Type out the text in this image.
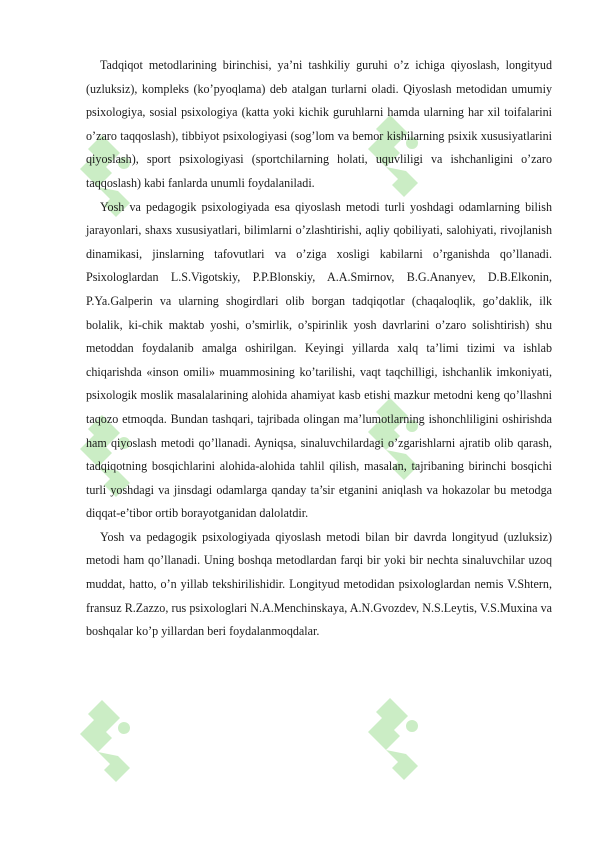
Tadqiqot metodlarining birinchisi, ya’ni tashkiliy guruhi o’z ichiga qiyoslash, longityud (uzluksiz), kompleks (ko’pyoqlama) deb atalgan turlarni oladi. Qiyoslash metodidan umumiy psixologiya, sosial psixologiya (katta yoki kichik guruhlarni hamda ularning har xil toifalarini o’zaro taqqoslash), tibbiyot psixologiyasi (sog’lom va bemor kishilarning psixik xususiyatlarini qiyoslash), sport psixologiyasi (sportchilarning holati, uquvliligi va ishchanligini o’zaro taqqoslash) kabi fanlarda unumli foydalaniladi.

Yosh va pedagogik psixologiyada esa qiyoslash metodi turli yoshdagi odamlarning bilish jarayonlari, shaxs xususiyatlari, bilimlarni o’zlashtirishi, aqliy qobiliyati, salohiyati, rivojlanish dinamikasi, jinslarning tafovutlari va o’ziga xosligi kabilarni o’rganishda qo’llanadi. Psixologlardan L.S.Vigotskiy, P.P.Blonskiy, A.A.Smirnov, B.G.Ananyev, D.B.Elkonin, P.Ya.Galperin va ularning shogirdlari olib borgan tadqiqotlar (chaqaloqlik, go’daklik, ilk bolalik, ki-chik maktab yoshi, o’smirlik, o’spirinlik yosh davrlarini o’zaro solishtirish) shu metoddan foydalanib amalga oshirilgan. Keyingi yillarda xalq ta’limi tizimi va ishlab chiqarishda «inson omili» muammosining ko’tarilishi, vaqt taqchilligi, ishchanlik imkoniyati, psixologik moslik masalalarining alohida ahamiyat kasb etishi mazkur metodni keng qo’llashni taqozo etmoqda. Bundan tashqari, tajribada olingan ma’lumotlarning ishonchliligini oshirishda ham qiyoslash metodi qo’llanadi. Ayniqsa, sinaluvchilardagi o’zgarishlarni ajratib olib qarash, tadqiqotning bosqichlarini alohida-alohida tahlil qilish, masalan, tajribaning birinchi bosqichi turli yoshdagi va jinsdagi odamlarga qanday ta’sir etganini aniqlash va hokazolar bu metodga diqqat-e’tibor ortib borayotganidan dalolatdir.

Yosh va pedagogik psixologiyada qiyoslash metodi bilan bir davrda longityud (uzluksiz) metodi ham qo’llanadi. Uning boshqa metodlardan farqi bir yoki bir nechta sinaluvchilar uzoq muddat, hatto, o’n yillab tekshirilishidir. Longityud metodidan psixologlardan nemis V.Shtern, fransuz R.Zazzo, rus psixologlari N.A.Menchinskaya, A.N.Gvozdev, N.S.Leytis, V.S.Muxina va boshqalar ko’p yillardan beri foydalanmoqdalar.
